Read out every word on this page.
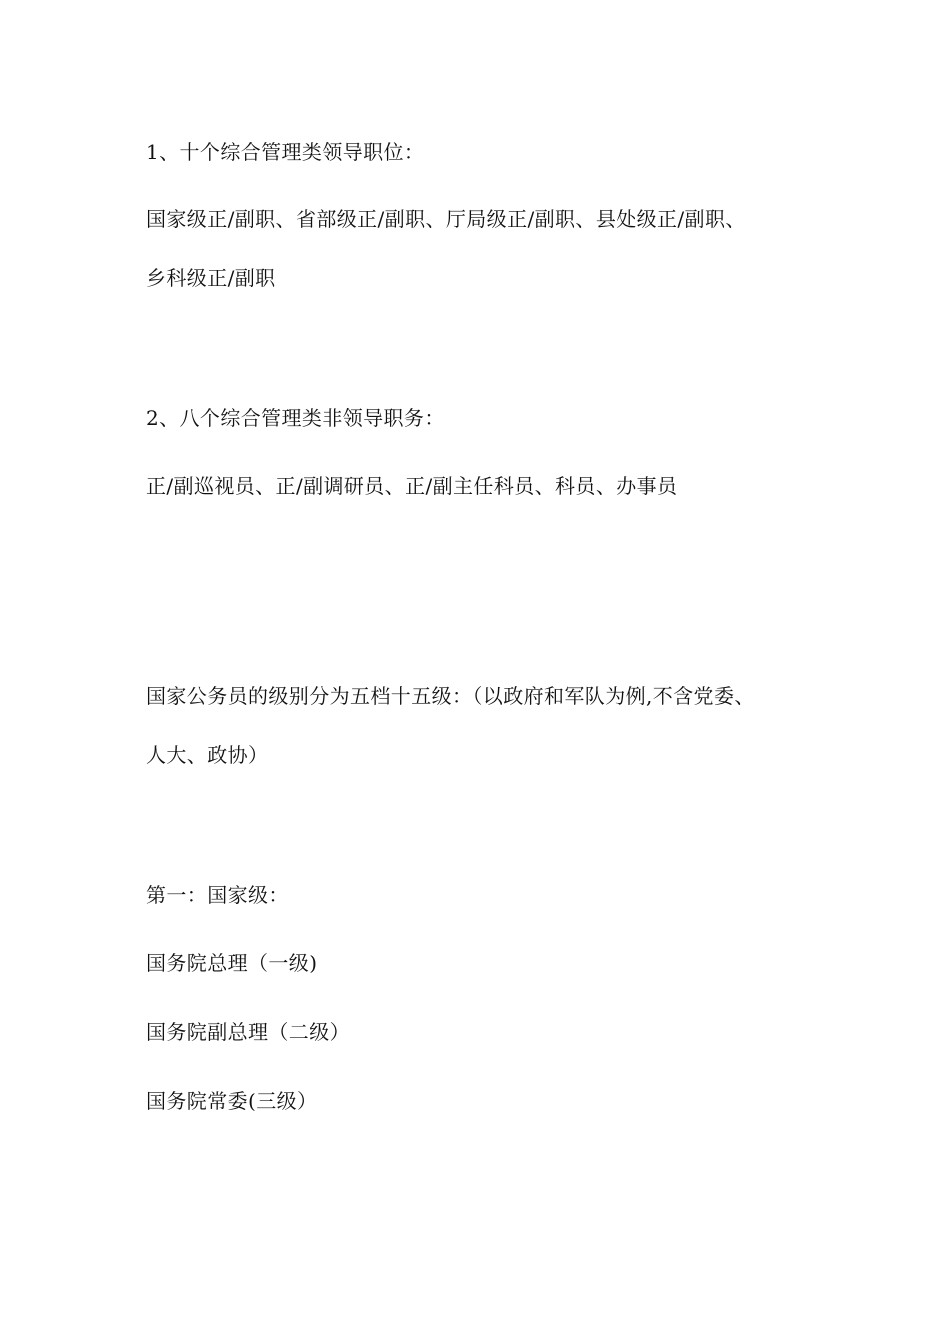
1、十个综合管理类领导职位：
国家级正/副职、省部级正/副职、厅局级正/副职、县处级正/副职、
乡科级正/副职
2、八个综合管理类非领导职务：
正/副巡视员、正/副调研员、正/副主任科员、科员、办事员
国家公务员的级别分为五档十五级：（以政府和军队为例,不含党委、
人大、政协）
第一：国家级：
国务院总理（一级)
国务院副总理（二级）
国务院常委(三级）
